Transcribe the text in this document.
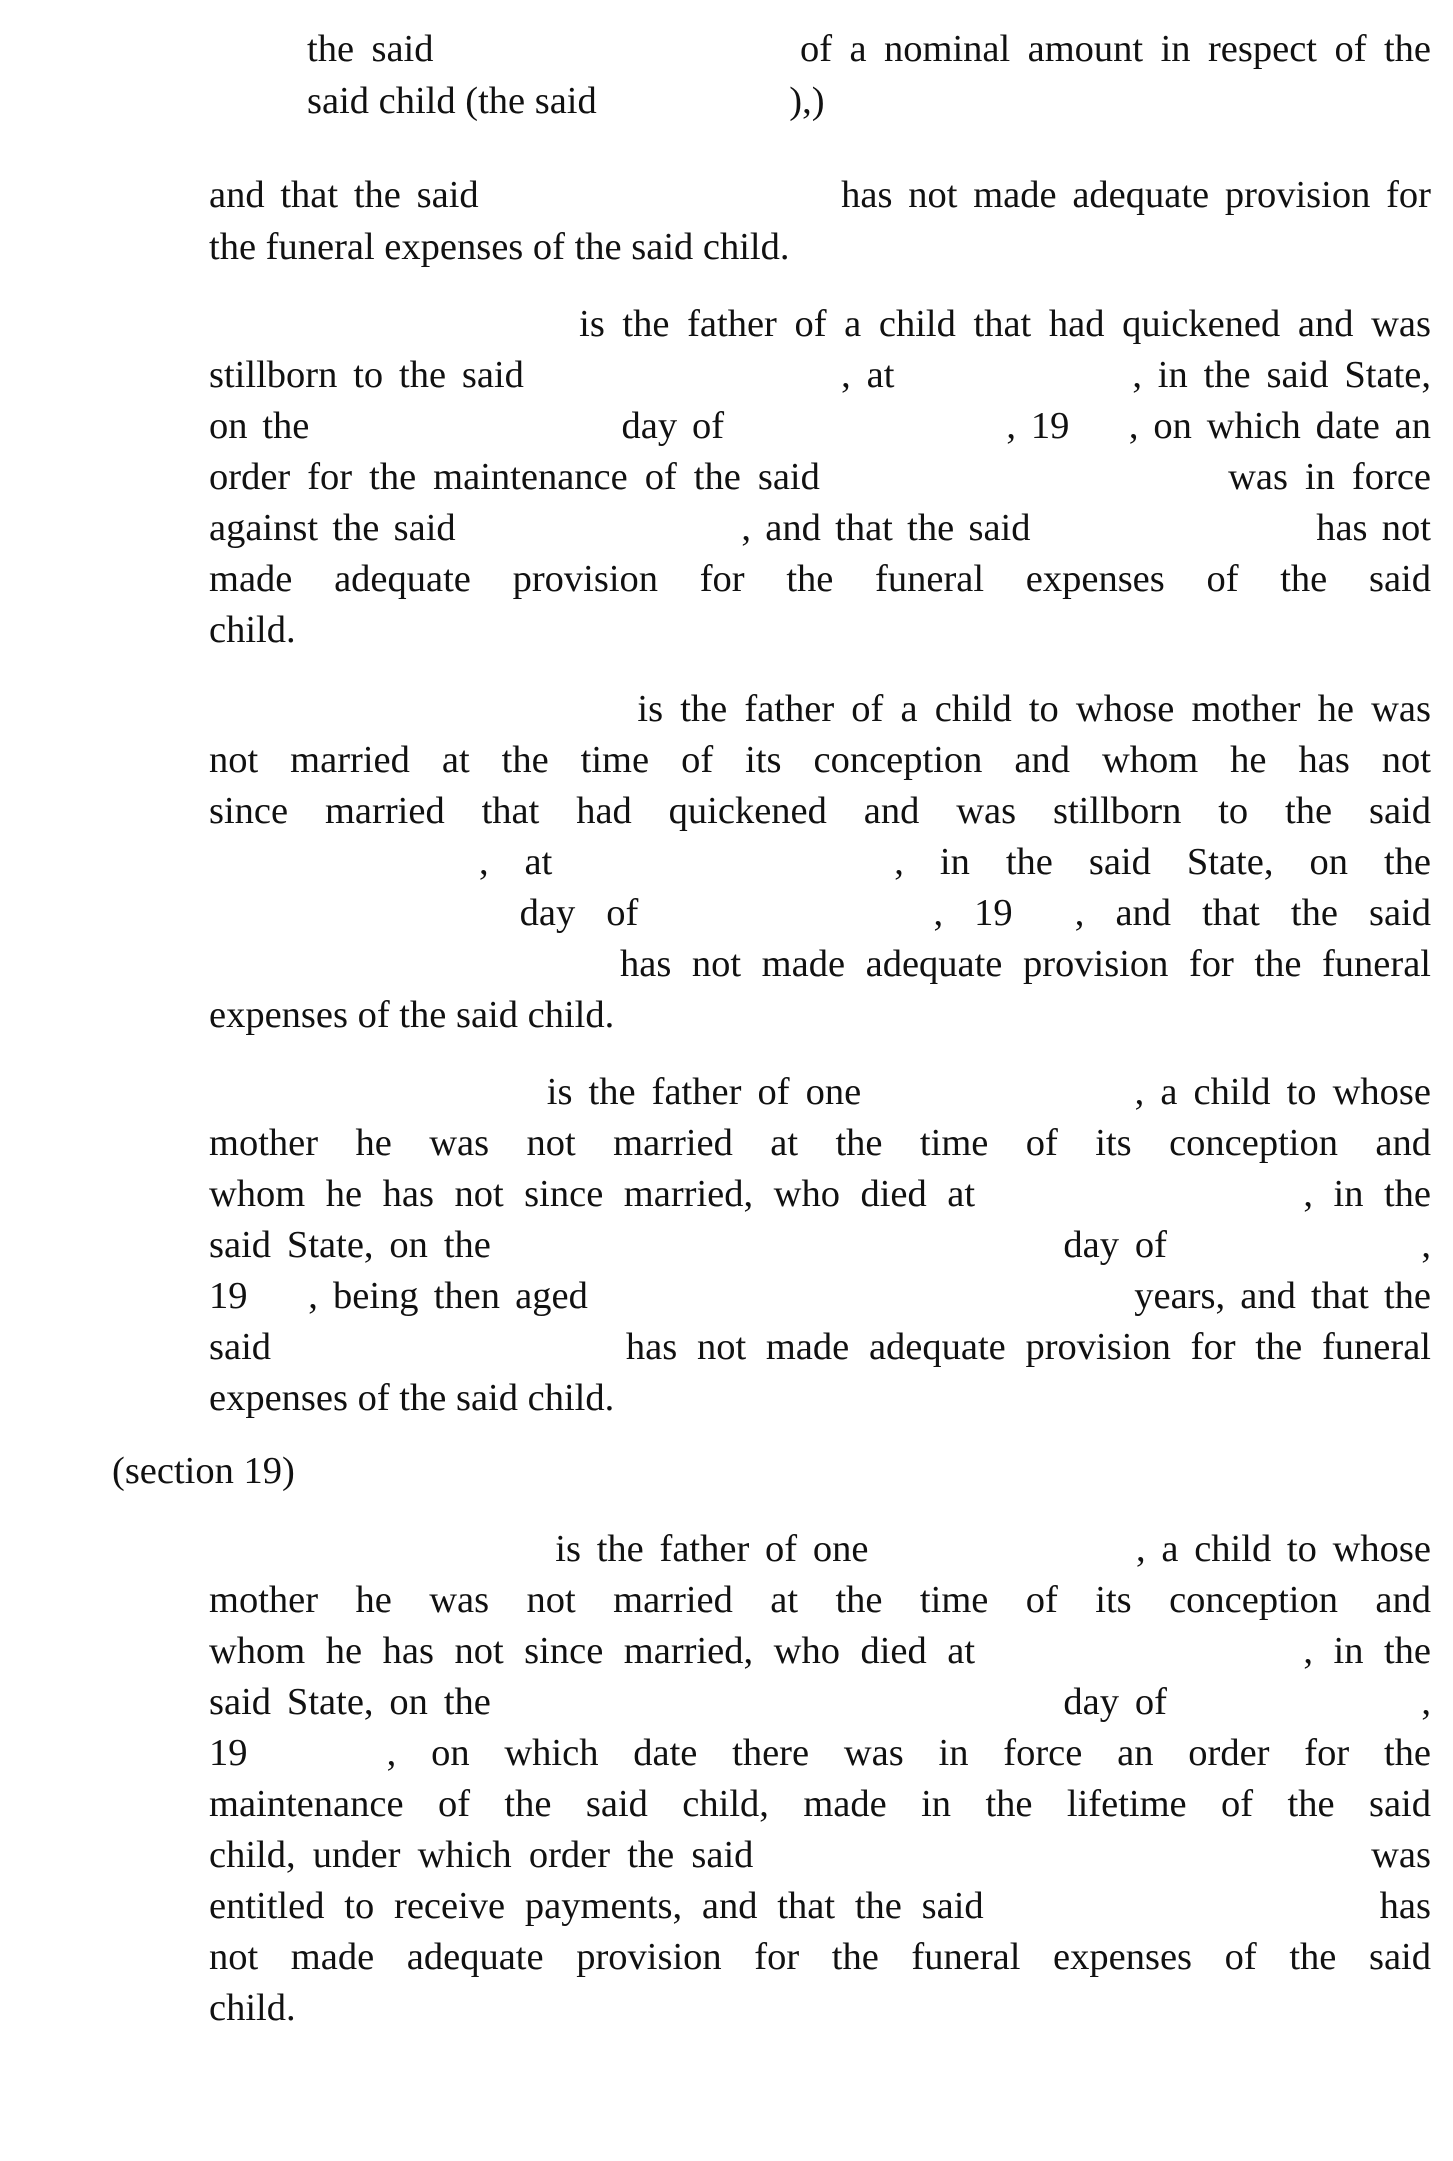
the said                     of a nominal amount in respect of the
said child (the said                    ),)
and that the said                       has not made adequate provision for
the funeral expenses of the said child.
is the father of a child that had quickened and was
stillborn to the said                    , at               , in the said State,
on the                     day of                   , 19    , on which date an
order for the maintenance of the said                        was in force
against the said                    , and that the said                    has not
made adequate provision for the funeral expenses of the said
child.
is the father of a child to whose mother he was
not married at the time of its conception and whom he has not
since married that had quickened and was stillborn to the said
,  at                   ,  in  the  said  State,  on  the
day  of                   ,  19    ,  and  that  the  said
has not made adequate provision for the funeral
expenses of the said child.
is the father of one                 , a child to whose
mother he was not married at the time of its conception and
whom he has not since married, who died at                , in the
said State, on the                                    day of                ,
19    , being then aged                                    years, and that the
said                  has not made adequate provision for the funeral
expenses of the said child.
(section 19)
is the father of one                 , a child to whose
mother he was not married at the time of its conception and
whom he has not since married, who died at                , in the
said State, on the                                    day of                ,
19    , on which date there was in force an order for the
maintenance of the said child, made in the lifetime of the said
child, under which order the said                                    was
entitled to receive payments, and that the said                    has
not made adequate provision for the funeral expenses of the said
child.
